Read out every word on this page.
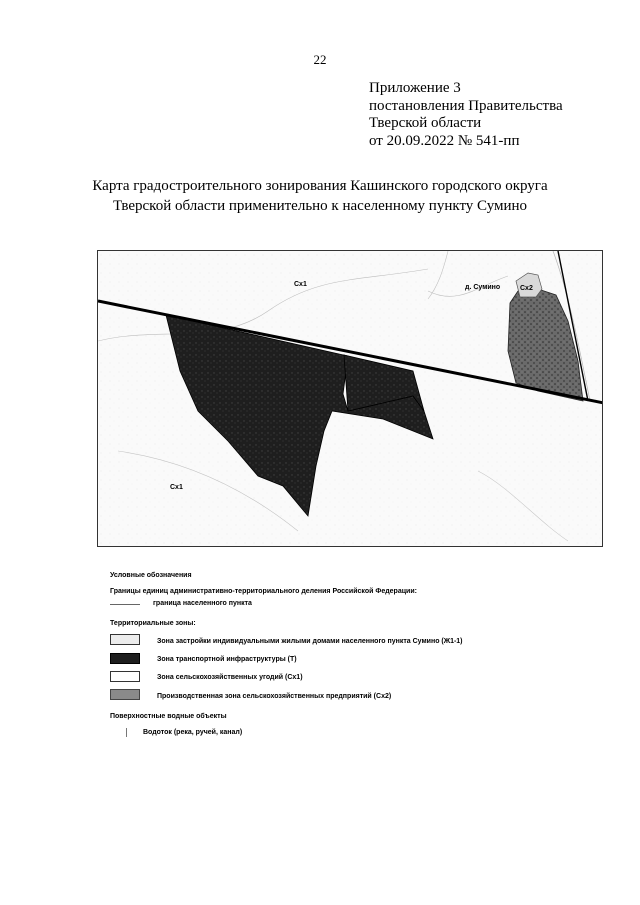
22
Приложение 3
постановления Правительства
Тверской области
от 20.09.2022 № 541-пп
Карта градостроительного зонирования Кашинского городского округа
Тверской области применительно к населенному пункту Сумино
Сх1
Сх1
д. Сумино	Сх2
Условные обозначения
Границы единиц административно-территориального деления Российской Федерации:
граница населенного пункта
Территориальные зоны:
Зона застройки индивидуальными жилыми домами населенного пункта Сумино (Ж1-1)
Зона транспортной инфраструктуры (Т)
Зона сельскохозяйственных угодий (Сх1)
Производственная зона сельскохозяйственных предприятий (Сх2)
Поверхностные водные объекты
Водоток (река, ручей, канал)
